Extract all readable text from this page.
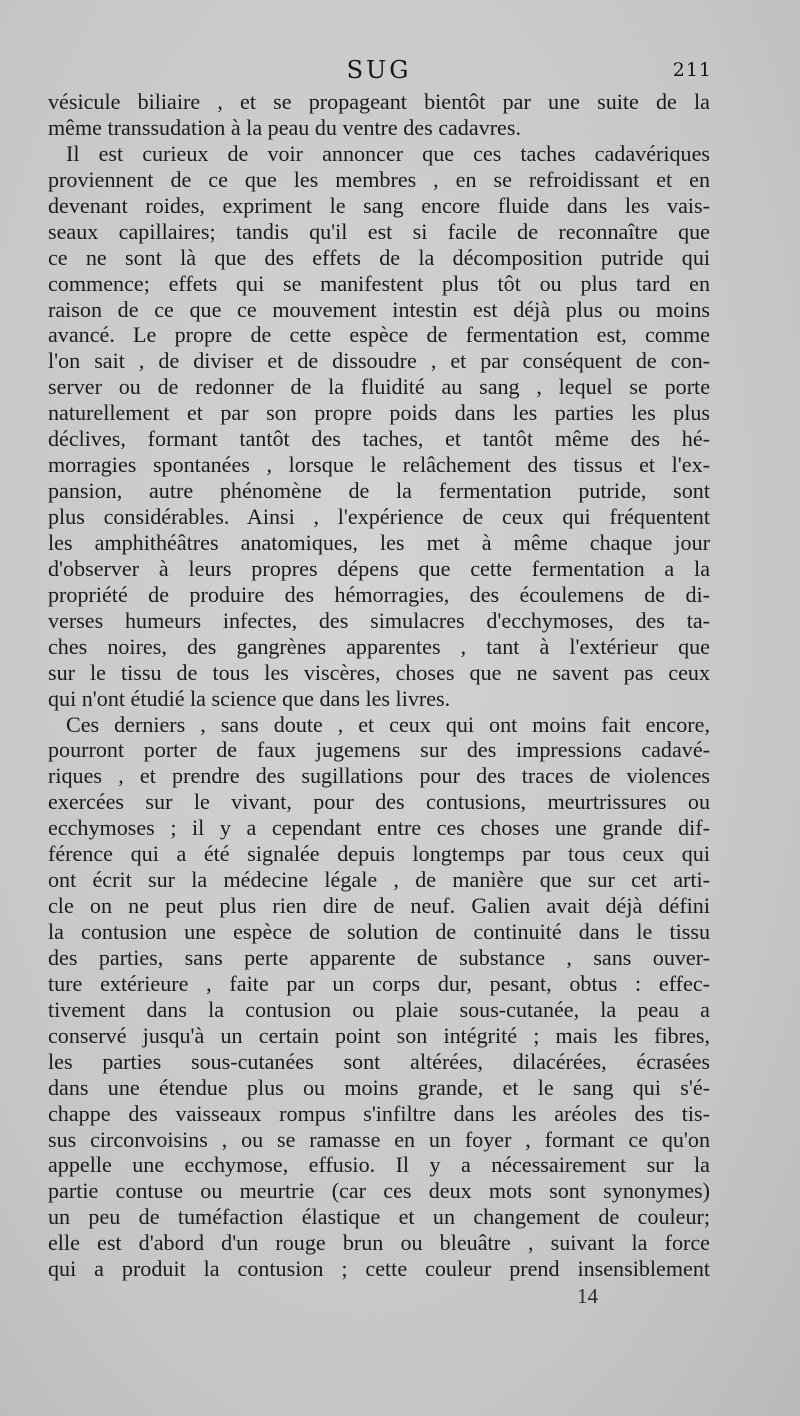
SUG	211
vésicule biliaire , et se propageant bientôt par une suite de la
même transsudation à la peau du ventre des cadavres.
Il est curieux de voir annoncer que ces taches cadavériques
proviennent de ce que les membres , en se refroidissant et en
devenant roides, expriment le sang encore fluide dans les vais-
seaux capillaires; tandis qu'il est si facile de reconnaître que
ce ne sont là que des effets de la décomposition putride qui
commence; effets qui se manifestent plus tôt ou plus tard en
raison de ce que ce mouvement intestin est déjà plus ou moins
avancé. Le propre de cette espèce de fermentation est, comme
l'on sait , de diviser et de dissoudre , et par conséquent de con-
server ou de redonner de la fluidité au sang , lequel se porte
naturellement et par son propre poids dans les parties les plus
déclives, formant tantôt des taches, et tantôt même des hé-
morragies spontanées , lorsque le relâchement des tissus et l'ex-
pansion, autre phénomène de la fermentation putride, sont
plus considérables. Ainsi , l'expérience de ceux qui fréquentent
les amphithéâtres anatomiques, les met à même chaque jour
d'observer à leurs propres dépens que cette fermentation a la
propriété de produire des hémorragies, des écoulemens de di-
verses humeurs infectes, des simulacres d'ecchymoses, des ta-
ches noires, des gangrènes apparentes , tant à l'extérieur que
sur le tissu de tous les viscères, choses que ne savent pas ceux
qui n'ont étudié la science que dans les livres.
Ces derniers , sans doute , et ceux qui ont moins fait encore,
pourront porter de faux jugemens sur des impressions cadavé-
riques , et prendre des sugillations pour des traces de violences
exercées sur le vivant, pour des contusions, meurtrissures ou
ecchymoses ; il y a cependant entre ces choses une grande dif-
férence qui a été signalée depuis longtemps par tous ceux qui
ont écrit sur la médecine légale , de manière que sur cet arti-
cle on ne peut plus rien dire de neuf. Galien avait déjà défini
la contusion une espèce de solution de continuité dans le tissu
des parties, sans perte apparente de substance , sans ouver-
ture extérieure , faite par un corps dur, pesant, obtus : effec-
tivement dans la contusion ou plaie sous-cutanée, la peau a
conservé jusqu'à un certain point son intégrité ; mais les fibres,
les parties sous-cutanées sont altérées, dilacérées, écrasées
dans une étendue plus ou moins grande, et le sang qui s'é-
chappe des vaisseaux rompus s'infiltre dans les aréoles des tis-
sus circonvoisins , ou se ramasse en un foyer , formant ce qu'on
appelle une ecchymose, effusio. Il y a nécessairement sur la
partie contuse ou meurtrie (car ces deux mots sont synonymes)
un peu de tuméfaction élastique et un changement de couleur;
elle est d'abord d'un rouge brun ou bleuâtre , suivant la force
qui a produit la contusion ; cette couleur prend insensiblement
14
